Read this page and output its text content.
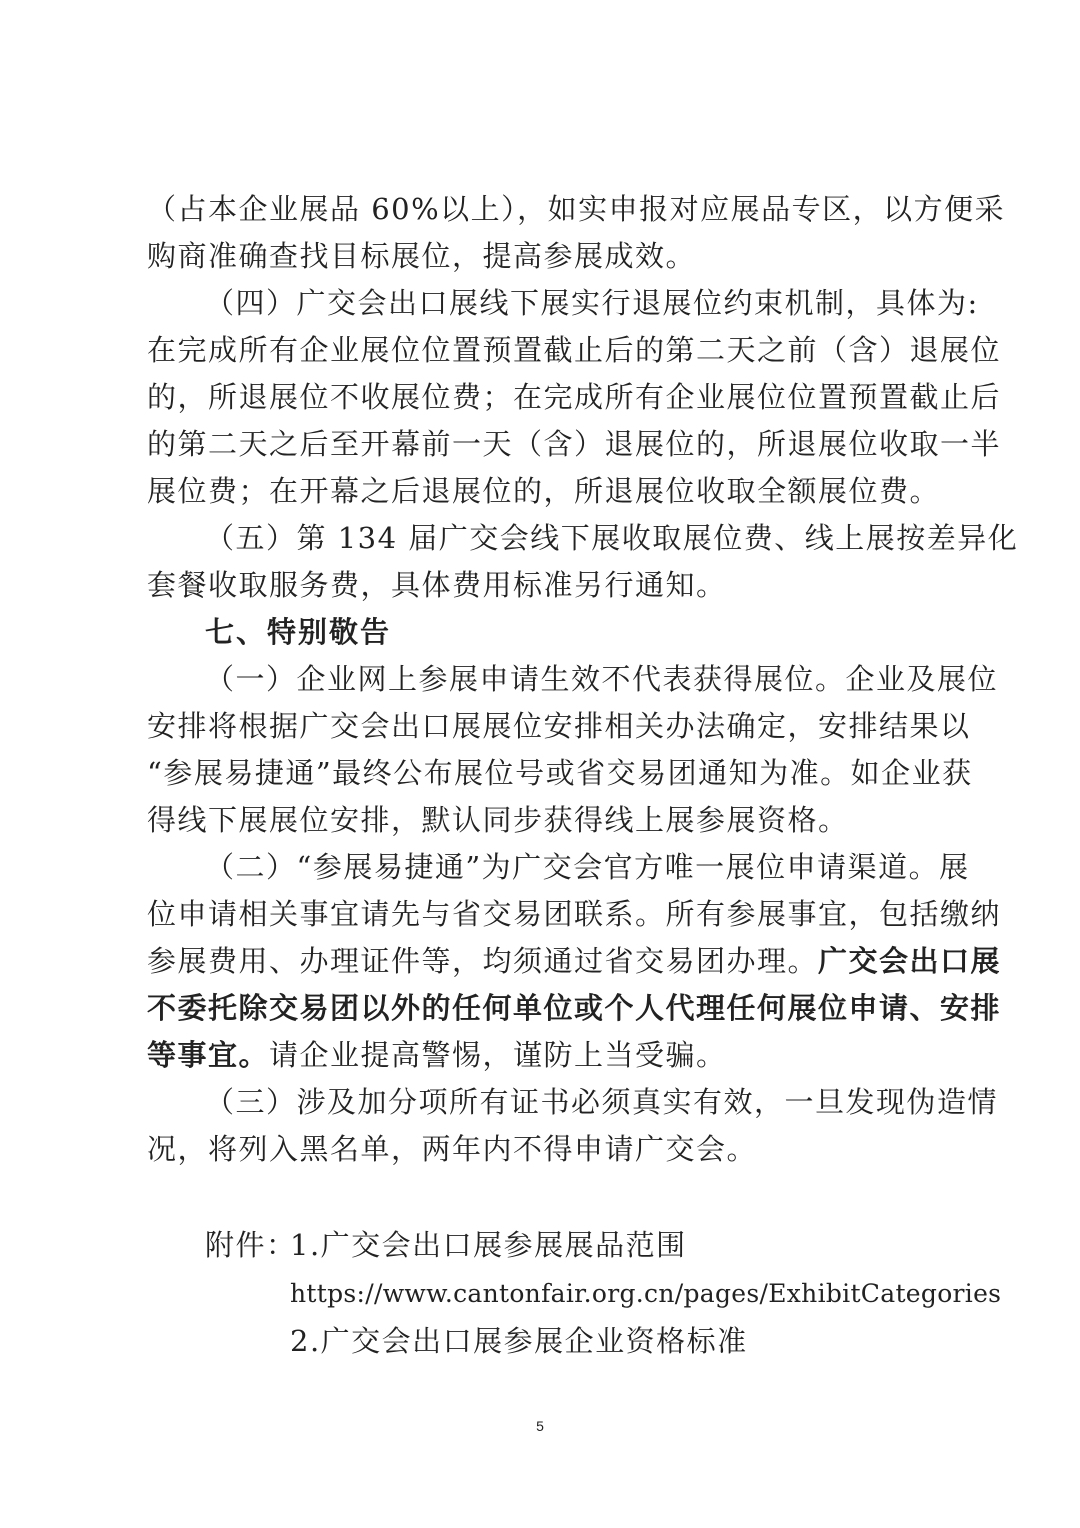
（占本企业展品 60%以上），如实申报对应展品专区，以方便采
购商准确查找目标展位，提高参展成效。
（四）广交会出口展线下展实行退展位约束机制，具体为:
在完成所有企业展位位置预置截止后的第二天之前（含）退展位
的，所退展位不收展位费；在完成所有企业展位位置预置截止后
的第二天之后至开幕前一天（含）退展位的，所退展位收取一半
展位费；在开幕之后退展位的，所退展位收取全额展位费。
（五）第 134 届广交会线下展收取展位费、线上展按差异化
套餐收取服务费，具体费用标准另行通知。
七、特别敬告
（一）企业网上参展申请生效不代表获得展位。企业及展位
安排将根据广交会出口展展位安排相关办法确定，安排结果以
“参展易捷通”最终公布展位号或省交易团通知为准。如企业获
得线下展展位安排，默认同步获得线上展参展资格。
（二）“参展易捷通”为广交会官方唯一展位申请渠道。展
位申请相关事宜请先与省交易团联系。所有参展事宜，包括缴纳
参展费用、办理证件等，均须通过省交易团办理。广交会出口展
不委托除交易团以外的任何单位或个人代理任何展位申请、安排
等事宜。请企业提高警惕，谨防上当受骗。
（三）涉及加分项所有证书必须真实有效，一旦发现伪造情
况，将列入黑名单，两年内不得申请广交会。
附件：
1.广交会出口展参展展品范围
https://www.cantonfair.org.cn/pages/ExhibitCategories
2.广交会出口展参展企业资格标准
5
